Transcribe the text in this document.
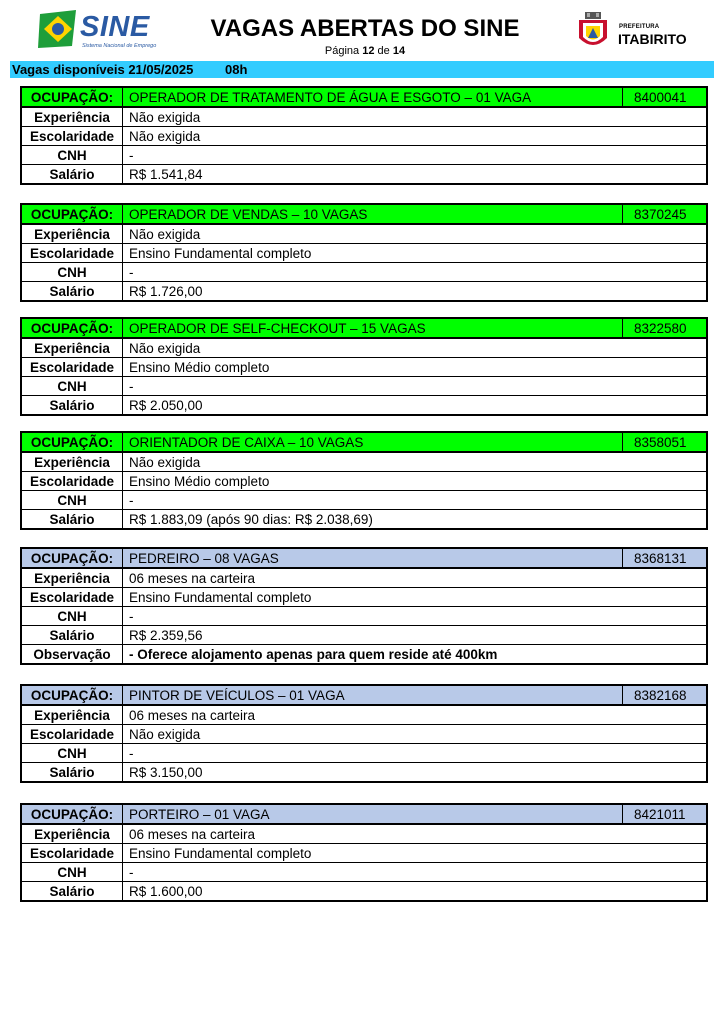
SINE
Sistema Nacional de Emprego
VAGAS ABERTAS DO SINE
Página 12 de 14
PREFEITURA
ITABIRITO
Vagas disponíveis 21/05/2025 08h
OCUPAÇÃO:	OPERADOR DE TRATAMENTO DE ÁGUA E ESGOTO – 01 VAGA	8400041
Experiência	Não exigida	
Escolaridade	Não exigida	
CNH	-	
Salário	R$ 1.541,84	
OCUPAÇÃO:	OPERADOR DE VENDAS – 10 VAGAS	8370245
Experiência	Não exigida	
Escolaridade	Ensino Fundamental completo	
CNH	-	
Salário	R$ 1.726,00	
OCUPAÇÃO:	OPERADOR DE SELF-CHECKOUT – 15 VAGAS	8322580
Experiência	Não exigida	
Escolaridade	Ensino Médio completo	
CNH	-	
Salário	R$ 2.050,00	
OCUPAÇÃO:	ORIENTADOR DE CAIXA – 10 VAGAS	8358051
Experiência	Não exigida	
Escolaridade	Ensino Médio completo	
CNH	-	
Salário	R$ 1.883,09 (após 90 dias: R$ 2.038,69)	
OCUPAÇÃO:	PEDREIRO – 08 VAGAS	8368131
Experiência	06 meses na carteira	
Escolaridade	Ensino Fundamental completo	
CNH	-	
Salário	R$ 2.359,56	
Observação	- Oferece alojamento apenas para quem reside até 400km	
OCUPAÇÃO:	PINTOR DE VEÍCULOS – 01 VAGA	8382168
Experiência	06 meses na carteira	
Escolaridade	Não exigida	
CNH	-	
Salário	R$ 3.150,00	
OCUPAÇÃO:	PORTEIRO – 01 VAGA	8421011
Experiência	06 meses na carteira	
Escolaridade	Ensino Fundamental completo	
CNH	-	
Salário	R$ 1.600,00	
